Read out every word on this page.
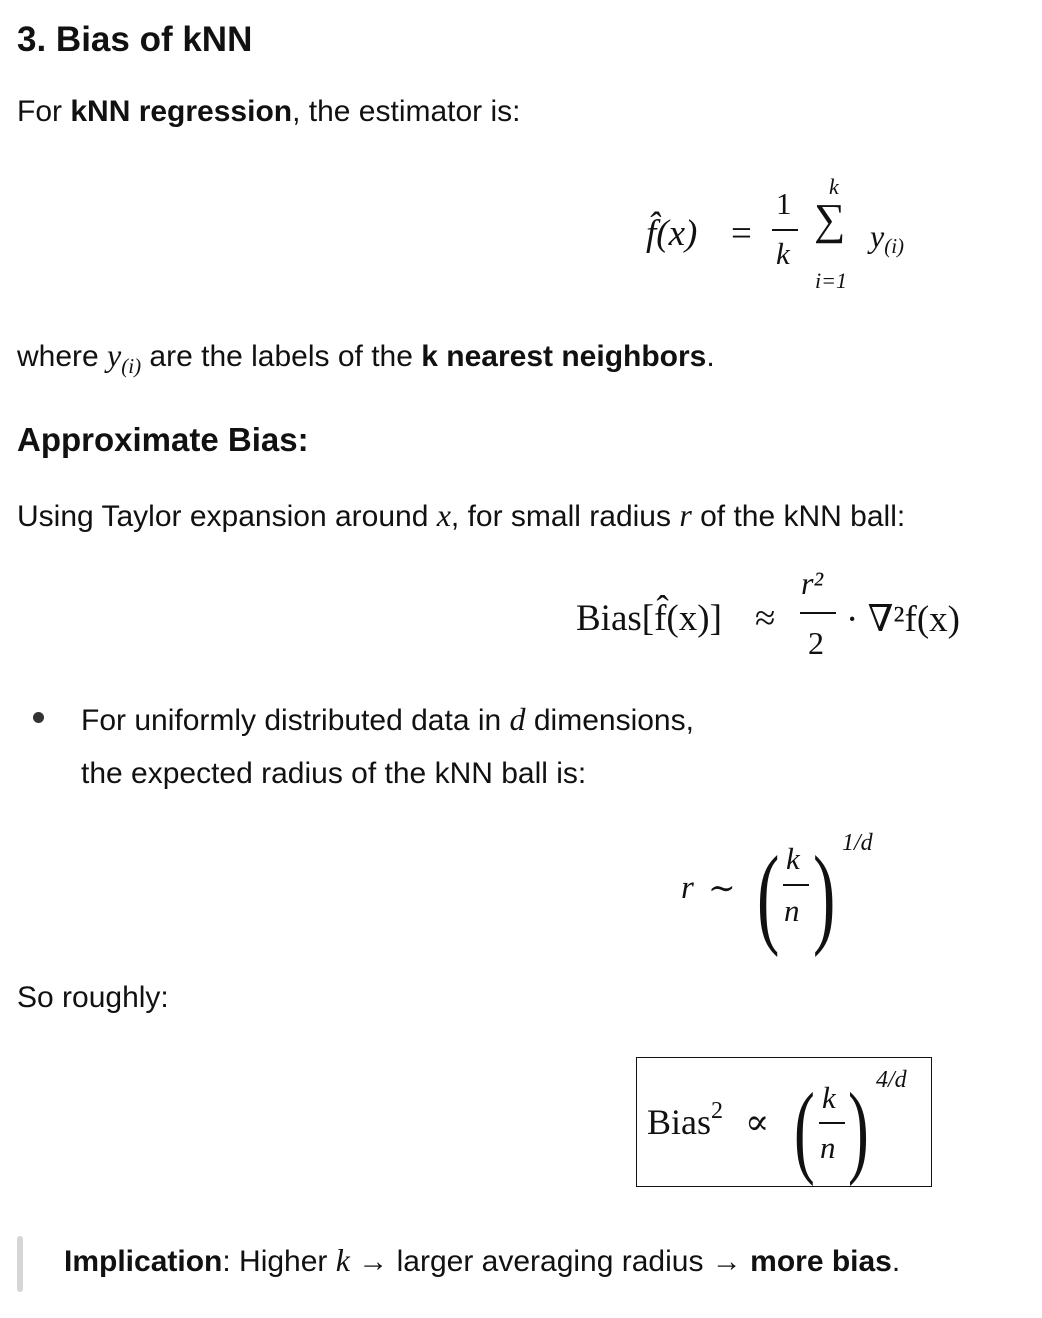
3. Bias of kNN
For kNN regression, the estimator is:
f̂(x) =
1
k
k
∑
i=1
y(i)
where $y_{(i)}$ are the labels of the k nearest neighbors.
Approximate Bias:
Using Taylor expansion around x, for small radius r of the kNN ball:
Bias[f̂(x)] ≈
r²
2
· ∇²f(x)
For uniformly distributed data in d dimensions,
the expected radius of the kNN ball is:
r ∼ ( k
n ) 1/d
So roughly:
Bias$^2$ ∝ ( k
n ) 4/d
Implication: Higher k → larger averaging radius → more bias.
